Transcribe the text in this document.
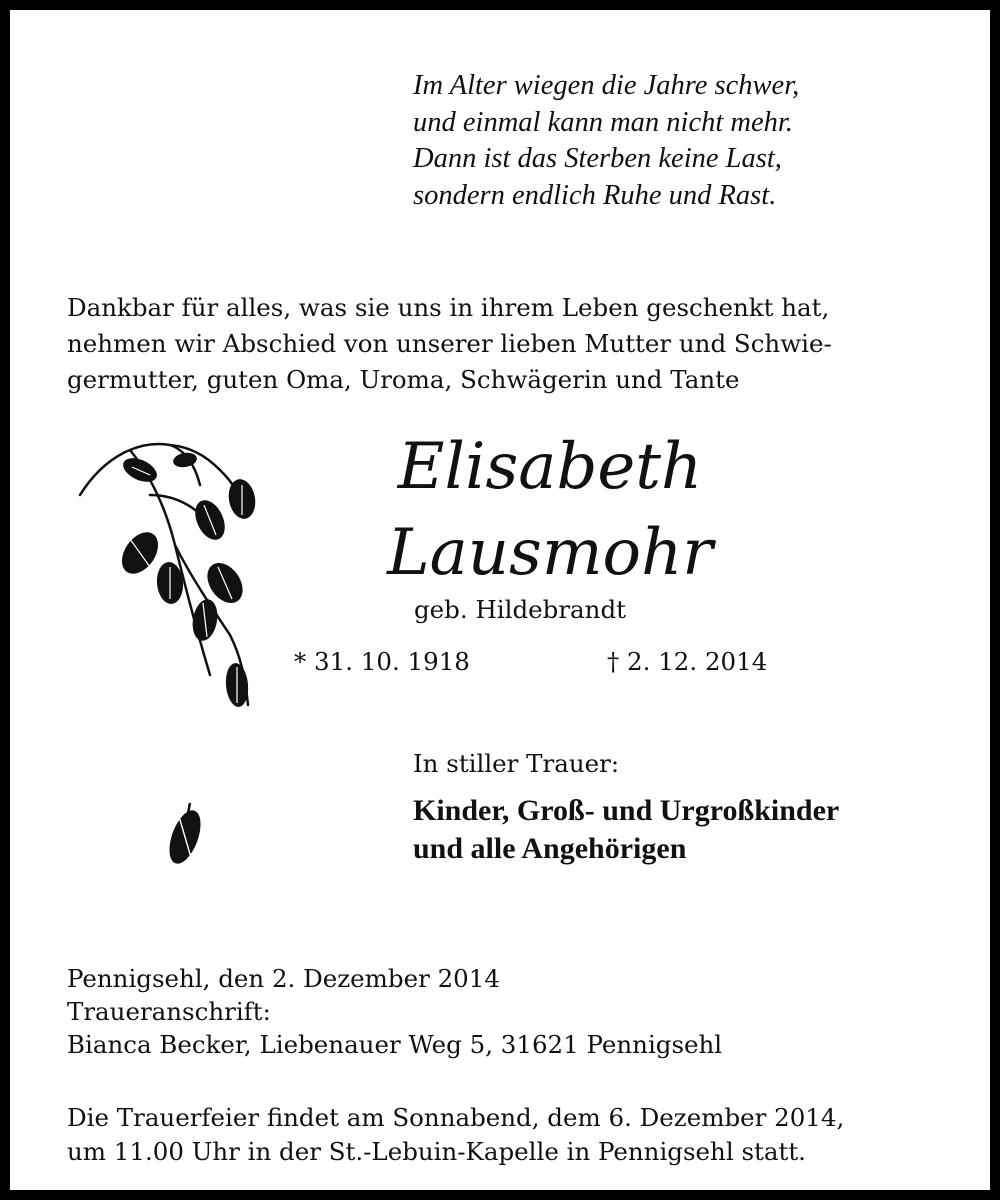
Im Alter wiegen die Jahre schwer,
und einmal kann man nicht mehr.
Dann ist das Sterben keine Last,
sondern endlich Ruhe und Rast.
Dankbar für alles, was sie uns in ihrem Leben geschenkt hat,
nehmen wir Abschied von unserer lieben Mutter und Schwie-
germutter, guten Oma, Uroma, Schwägerin und Tante
Elisabeth
Lausmohr
geb. Hildebrandt
* 31. 10. 1918	† 2. 12. 2014
In stiller Trauer:
Kinder, Groß- und Urgroßkinder
und alle Angehörigen
Pennigsehl, den 2. Dezember 2014
Traueranschrift:
Bianca Becker, Liebenauer Weg 5, 31621 Pennigsehl
Die Trauerfeier findet am Sonnabend, dem 6. Dezember 2014,
um 11.00 Uhr in der St.-Lebuin-Kapelle in Pennigsehl statt.
